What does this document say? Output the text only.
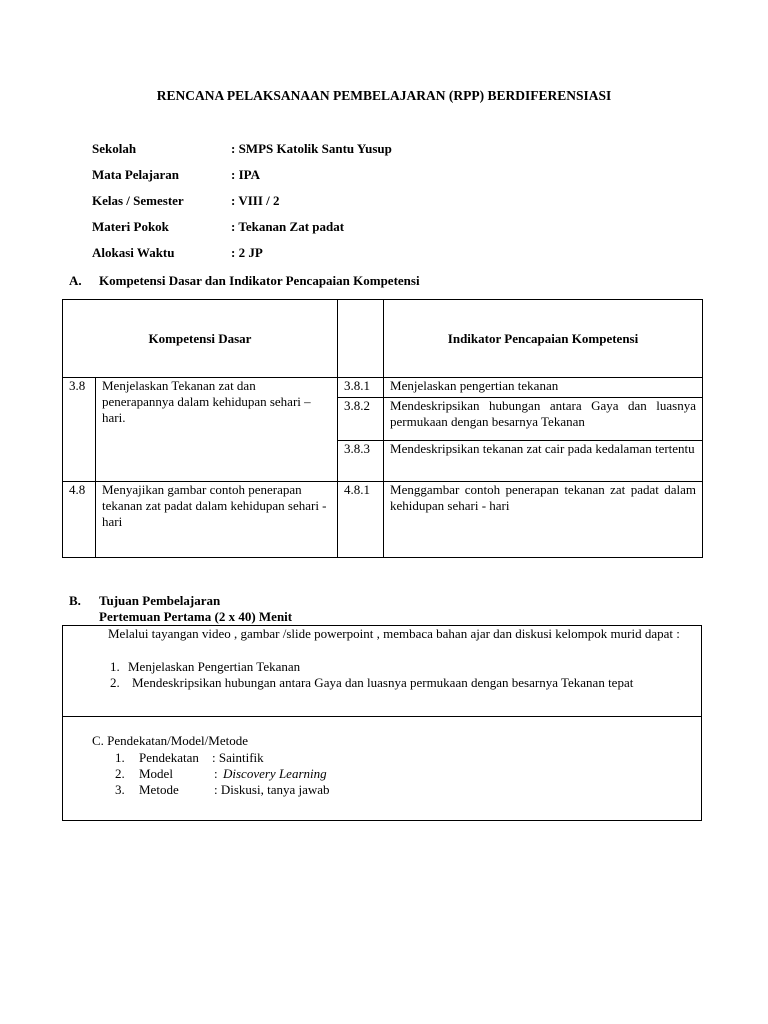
RENCANA PELAKSANAAN PEMBELAJARAN (RPP) BERDIFERENSIASI
Sekolah	: SMPS Katolik Santu Yusup
Mata Pelajaran	: IPA
Kelas / Semester	: VIII / 2
Materi Pokok	: Tekanan Zat padat
Alokasi Waktu	: 2 JP
A. Kompetensi Dasar dan Indikator Pencapaian Kompetensi
Kompetensi Dasar			Indikator Pencapaian Kompetensi
3.8	Menjelaskan Tekanan zat dan penerapannya dalam kehidupan sehari – hari.	3.8.1	Menjelaskan pengertian tekanan
		3.8.2	Mendeskripsikan hubungan antara Gaya dan luasnya permukaan dengan besarnya Tekanan
		3.8.3	Mendeskripsikan tekanan zat cair pada kedalaman tertentu
4.8	Menyajikan gambar contoh penerapan tekanan zat padat dalam kehidupan sehari - hari	4.8.1	Menggambar contoh penerapan tekanan zat padat dalam kehidupan sehari - hari
B. Tujuan Pembelajaran
Pertemuan Pertama (2 x 40) Menit
Melalui tayangan video , gambar /slide powerpoint , membaca bahan ajar dan diskusi kelompok murid dapat :
1. Menjelaskan Pengertian Tekanan
2. Mendeskripsikan hubungan antara Gaya dan luasnya permukaan dengan besarnya Tekanan tepat
C. Pendekatan/Model/Metode
1. Pendekatan : Saintifik
2. Model	: Discovery Learning
3. Metode	: Diskusi, tanya jawab
